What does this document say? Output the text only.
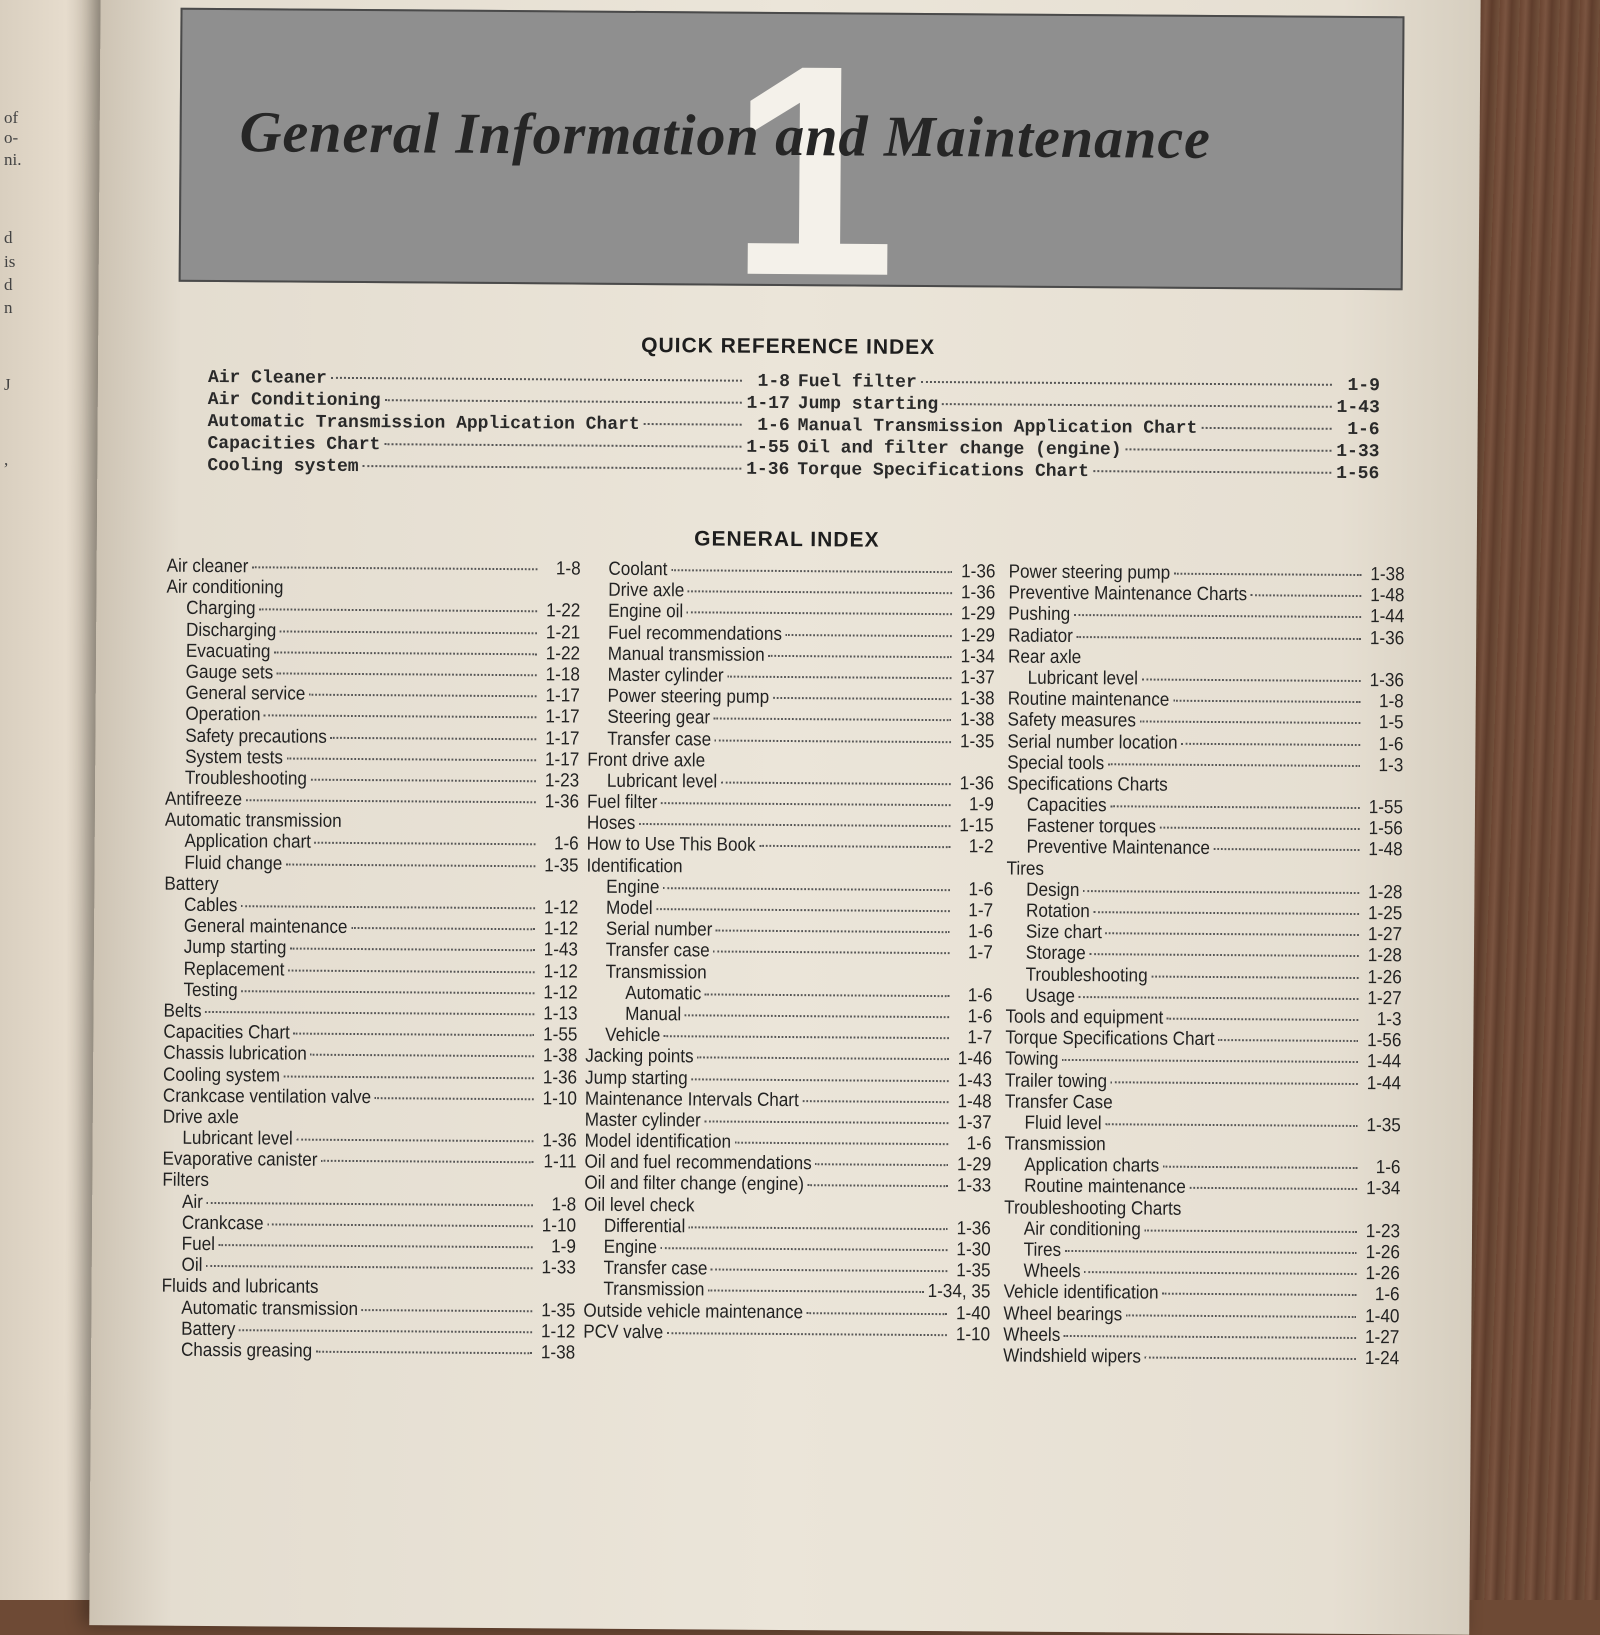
of
o-
ni.
d
is
d
n
J
,
1
General Information and Maintenance
QUICK REFERENCE INDEX
Air Cleaner	1-8
Air Conditioning	1-17
Automatic Transmission Application Chart	1-6
Capacities Chart	1-55
Cooling system	1-36
Fuel filter	1-9
Jump starting	1-43
Manual Transmission Application Chart	1-6
Oil and filter change (engine)	1-33
Torque Specifications Chart	1-56
GENERAL INDEX
Air cleaner	1-8
Air conditioning
Charging	1-22
Discharging	1-21
Evacuating	1-22
Gauge sets	1-18
General service	1-17
Operation	1-17
Safety precautions	1-17
System tests	1-17
Troubleshooting	1-23
Antifreeze	1-36
Automatic transmission
Application chart	1-6
Fluid change	1-35
Battery
Cables	1-12
General maintenance	1-12
Jump starting	1-43
Replacement	1-12
Testing	1-12
Belts	1-13
Capacities Chart	1-55
Chassis lubrication	1-38
Cooling system	1-36
Crankcase ventilation valve	1-10
Drive axle
Lubricant level	1-36
Evaporative canister	1-11
Filters
Air	1-8
Crankcase	1-10
Fuel	1-9
Oil	1-33
Fluids and lubricants
Automatic transmission	1-35
Battery	1-12
Chassis greasing	1-38
Coolant	1-36
Drive axle	1-36
Engine oil	1-29
Fuel recommendations	1-29
Manual transmission	1-34
Master cylinder	1-37
Power steering pump	1-38
Steering gear	1-38
Transfer case	1-35
Front drive axle
Lubricant level	1-36
Fuel filter	1-9
Hoses	1-15
How to Use This Book	1-2
Identification
Engine	1-6
Model	1-7
Serial number	1-6
Transfer case	1-7
Transmission
Automatic	1-6
Manual	1-6
Vehicle	1-7
Jacking points	1-46
Jump starting	1-43
Maintenance Intervals Chart	1-48
Master cylinder	1-37
Model identification	1-6
Oil and fuel recommendations	1-29
Oil and filter change (engine)	1-33
Oil level check
Differential	1-36
Engine	1-30
Transfer case	1-35
Transmission	1-34, 35
Outside vehicle maintenance	1-40
PCV valve	1-10
Power steering pump	1-38
Preventive Maintenance Charts	1-48
Pushing	1-44
Radiator	1-36
Rear axle
Lubricant level	1-36
Routine maintenance	1-8
Safety measures	1-5
Serial number location	1-6
Special tools	1-3
Specifications Charts
Capacities	1-55
Fastener torques	1-56
Preventive Maintenance	1-48
Tires
Design	1-28
Rotation	1-25
Size chart	1-27
Storage	1-28
Troubleshooting	1-26
Usage	1-27
Tools and equipment	1-3
Torque Specifications Chart	1-56
Towing	1-44
Trailer towing	1-44
Transfer Case
Fluid level	1-35
Transmission
Application charts	1-6
Routine maintenance	1-34
Troubleshooting Charts
Air conditioning	1-23
Tires	1-26
Wheels	1-26
Vehicle identification	1-6
Wheel bearings	1-40
Wheels	1-27
Windshield wipers	1-24
